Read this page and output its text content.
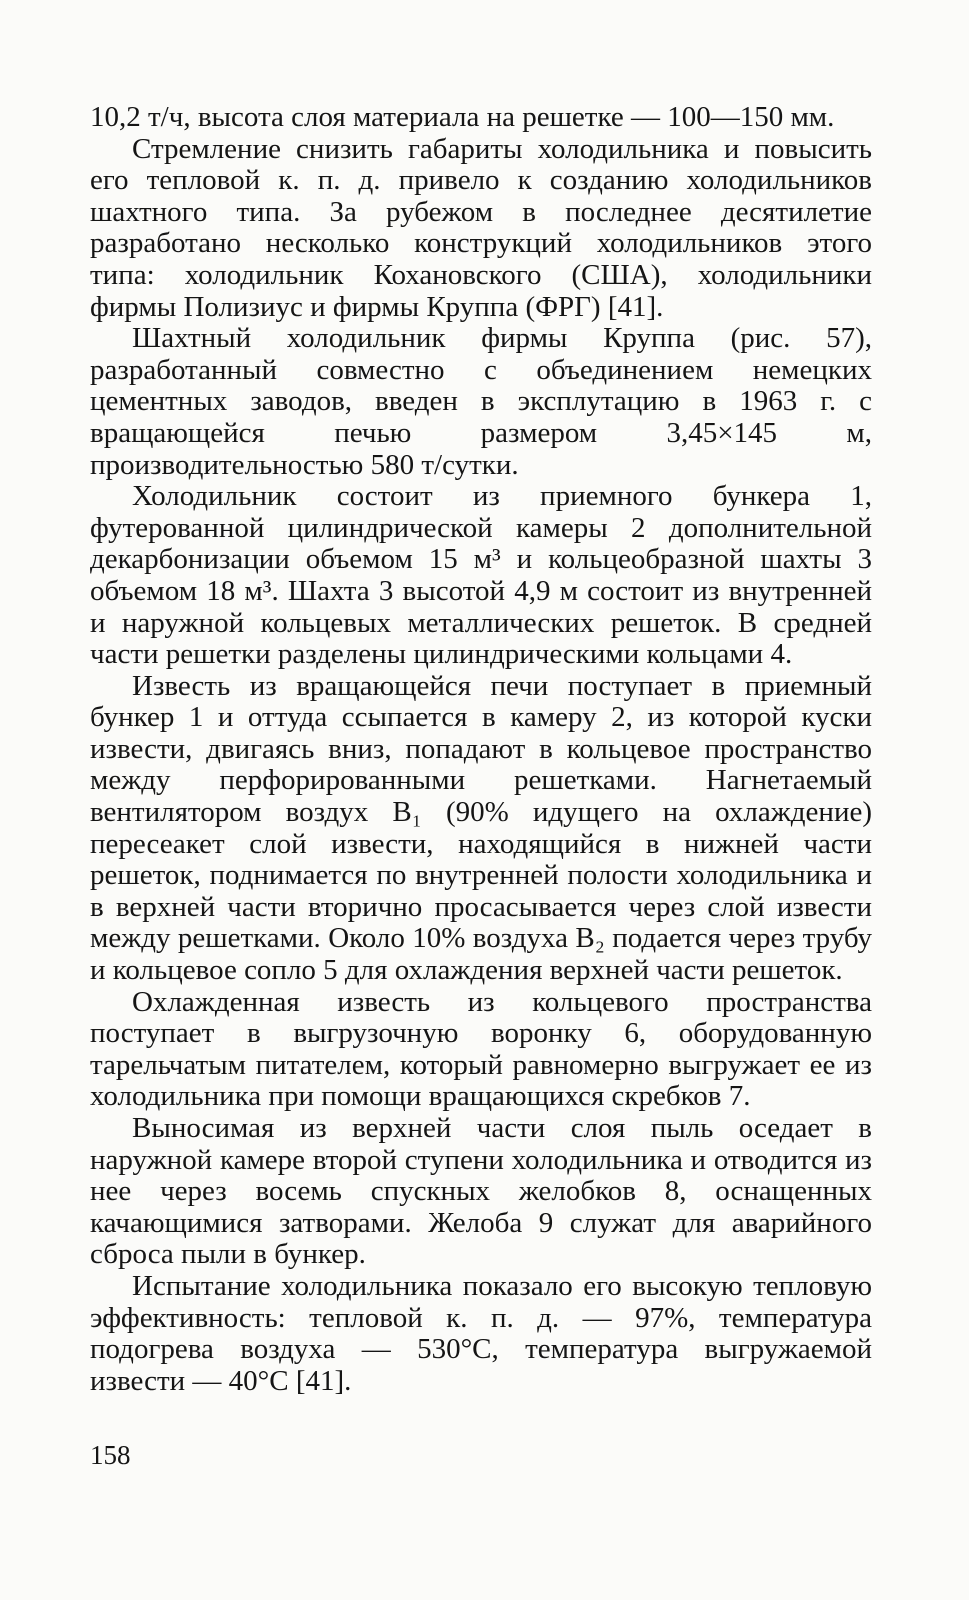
10,2 т/ч, высота слоя материала на решетке — 100—150 мм.

Стремление снизить габариты холодильника и повысить его тепловой к. п. д. привело к созданию холодильников шахтного типа. За рубежом в последнее десятилетие разработано несколько конструкций холодильников этого типа: холодильник Кохановского (США), холодильники фирмы Полизиус и фирмы Круппа (ФРГ) [41].

Шахтный холодильник фирмы Круппа (рис. 57), разработанный совместно с объединением немецких цементных заводов, введен в эксплутацию в 1963 г. с вращающейся печью размером 3,45×145 м, производительностью 580 т/сутки.

Холодильник состоит из приемного бункера 1, футерованной цилиндрической камеры 2 дополнительной декарбонизации объемом 15 м³ и кольцеобразной шахты 3 объемом 18 м³. Шахта 3 высотой 4,9 м состоит из внутренней и наружной кольцевых металлических решеток. В средней части решетки разделены цилиндрическими кольцами 4.

Известь из вращающейся печи поступает в приемный бункер 1 и оттуда ссыпается в камеру 2, из которой куски извести, двигаясь вниз, попадают в кольцевое пространство между перфорированными решетками. Нагнетаемый вентилятором воздух B₁ (90% идущего на охлаждение) пересеакет слой извести, находящийся в нижней части решеток, поднимается по внутренней полости холодильника и в верхней части вторично просасывается через слой извести между решетками. Около 10% воздуха B₂ подается через трубу и кольцевое сопло 5 для охлаждения верхней части решеток.

Охлажденная известь из кольцевого пространства поступает в выгрузочную воронку 6, оборудованную тарельчатым питателем, который равномерно выгружает ее из холодильника при помощи вращающихся скребков 7.

Выносимая из верхней части слоя пыль оседает в наружной камере второй ступени холодильника и отводится из нее через восемь спускных желобков 8, оснащенных качающимися затворами. Желоба 9 служат для аварийного сброса пыли в бункер.

Испытание холодильника показало его высокую тепловую эффективность: тепловой к. п. д. — 97%, температура подогрева воздуха — 530°С, температура выгружаемой извести — 40°С [41].

158
